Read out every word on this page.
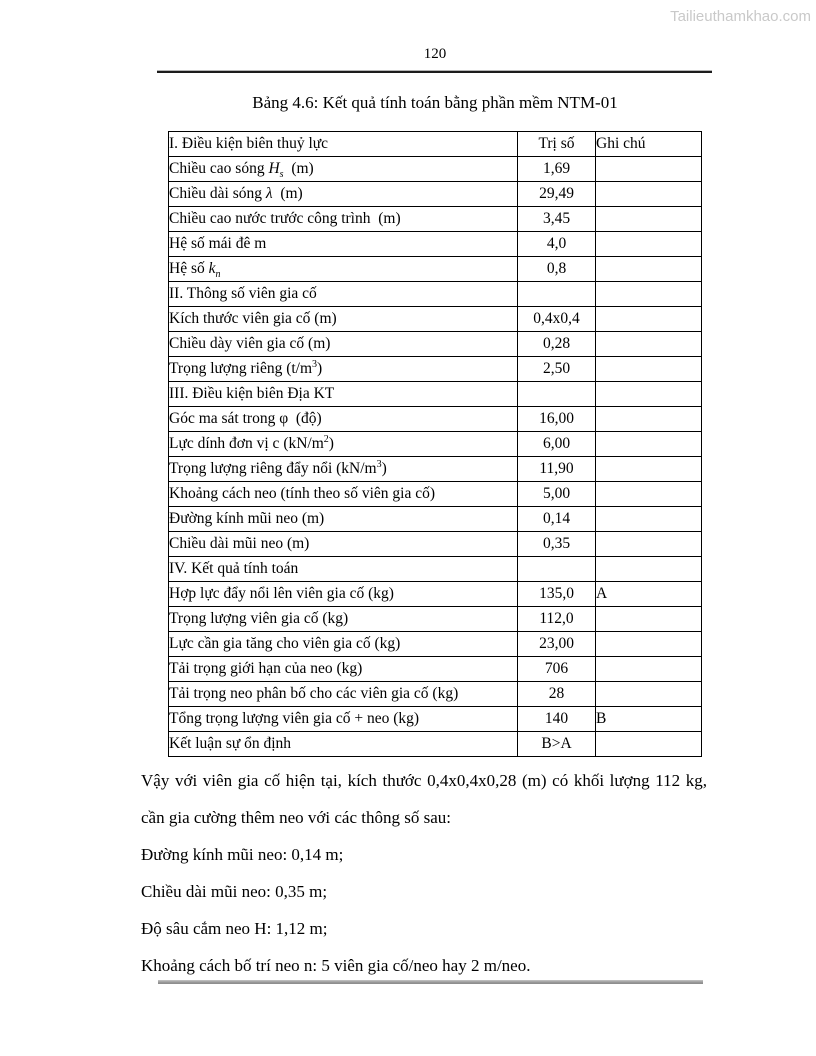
Tailieuthamkhao.com
120
Bảng 4.6: Kết quả tính toán bằng phần mềm NTM-01
I. Điều kiện biên thuỷ lực	Trị số	Ghi chú
Chiều cao sóng $H_s$  (m)	1,69	
Chiều dài sóng λ  (m)	29,49	
Chiều cao nước trước công trình  (m)	3,45	
Hệ số mái đê m	4,0	
Hệ số $k_n$	0,8	
II. Thông số viên gia cố		
Kích thước viên gia cố (m)	0,4x0,4	
Chiều dày viên gia cố (m)	0,28	
Trọng lượng riêng $(t/m^3)$	2,50	
III. Điều kiện biên Địa KT		
Góc ma sát trong φ  (độ)	16,00	
Lực dính đơn vị c $(kN/m^2)$	6,00	
Trọng lượng riêng đẩy nổi $(kN/m^3)$	11,90	
Khoảng cách neo (tính theo số viên gia cố)	5,00	
Đường kính mũi neo (m)	0,14	
Chiều dài mũi neo (m)	0,35	
IV. Kết quả tính toán		
Hợp lực đẩy nổi lên viên gia cố (kg)	135,0	A
Trọng lượng viên gia cố (kg)	112,0	
Lực cần gia tăng cho viên gia cố (kg)	23,00	
Tải trọng giới hạn của neo (kg)	706	
Tải trọng neo phân bố cho các viên gia cố (kg)	28	
Tổng trọng lượng viên gia cố + neo (kg)	140	B
Kết luận sự ổn định	B>A	

Vậy với viên gia cố hiện tại, kích thước 0,4x0,4x0,28 (m) có khối lượng 112 kg, cần gia cường thêm neo với các thông số sau:

Đường kính mũi neo: 0,14 m;

Chiều dài mũi neo: 0,35 m;

Độ sâu cắm neo H: 1,12 m;

Khoảng cách bố trí neo n: 5 viên gia cố/neo hay 2 m/neo.
